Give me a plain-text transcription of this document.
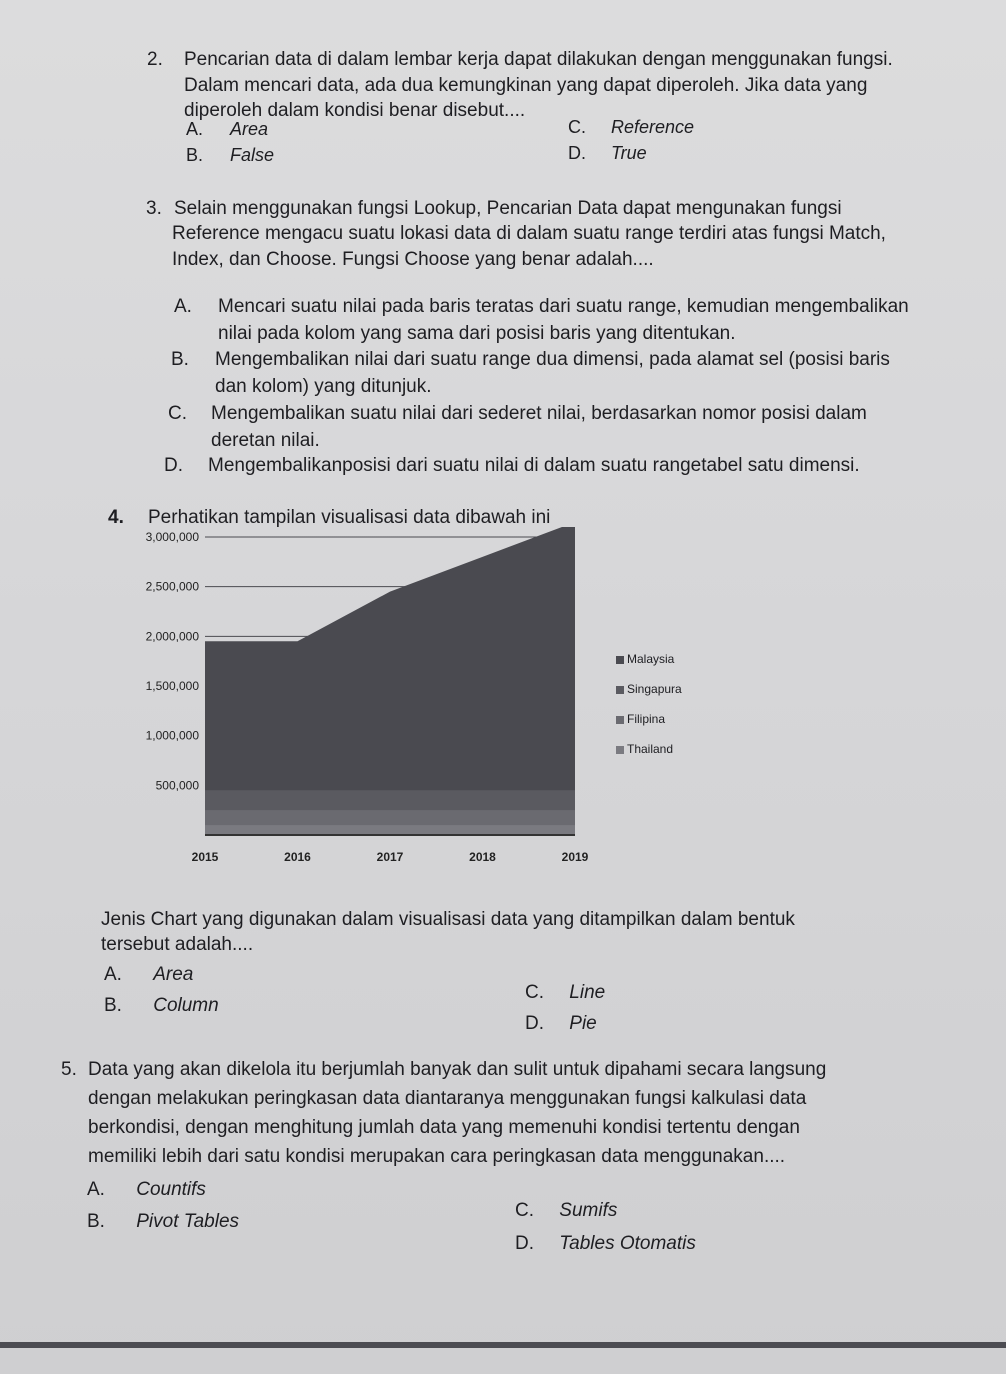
2. Pencarian data di dalam lembar kerja dapat dilakukan dengan menggunakan fungsi.
Dalam mencari data, ada dua kemungkinan yang dapat diperoleh. Jika data yang
diperoleh dalam kondisi benar disebut....
A. Area
B. False
C. Reference
D. True
3. Selain menggunakan fungsi Lookup, Pencarian Data dapat mengunakan fungsi
Reference mengacu suatu lokasi data di dalam suatu range terdiri atas fungsi Match,
Index, dan Choose. Fungsi Choose yang benar adalah....
A. Mencari suatu nilai pada baris teratas dari suatu range, kemudian mengembalikan
nilai pada kolom yang sama dari posisi baris yang ditentukan.
B. Mengembalikan nilai dari suatu range dua dimensi, pada alamat sel (posisi baris
dan kolom) yang ditunjuk.
C. Mengembalikan suatu nilai dari sederet nilai, berdasarkan nomor posisi dalam
deretan nilai.
D. Mengembalikanposisi dari suatu nilai di dalam suatu rangetabel satu dimensi.
4. Perhatikan tampilan visualisasi data dibawah ini
3,000,000
2,500,000
2,000,000
1,500,000
1,000,000
500,000
2015	2016	2017	2018	2019
Malaysia
Singapura
Filipina
Thailand
Jenis Chart yang digunakan dalam visualisasi data yang ditampilkan dalam bentuk
tersebut adalah....
A. Area
B. Column
C. Line
D. Pie
5. Data yang akan dikelola itu berjumlah banyak dan sulit untuk dipahami secara langsung
dengan melakukan peringkasan data diantaranya menggunakan fungsi kalkulasi data
berkondisi, dengan menghitung jumlah data yang memenuhi kondisi tertentu dengan
memiliki lebih dari satu kondisi merupakan cara peringkasan data menggunakan....
A. Countifs
B. Pivot Tables
C. Sumifs
D. Tables Otomatis
